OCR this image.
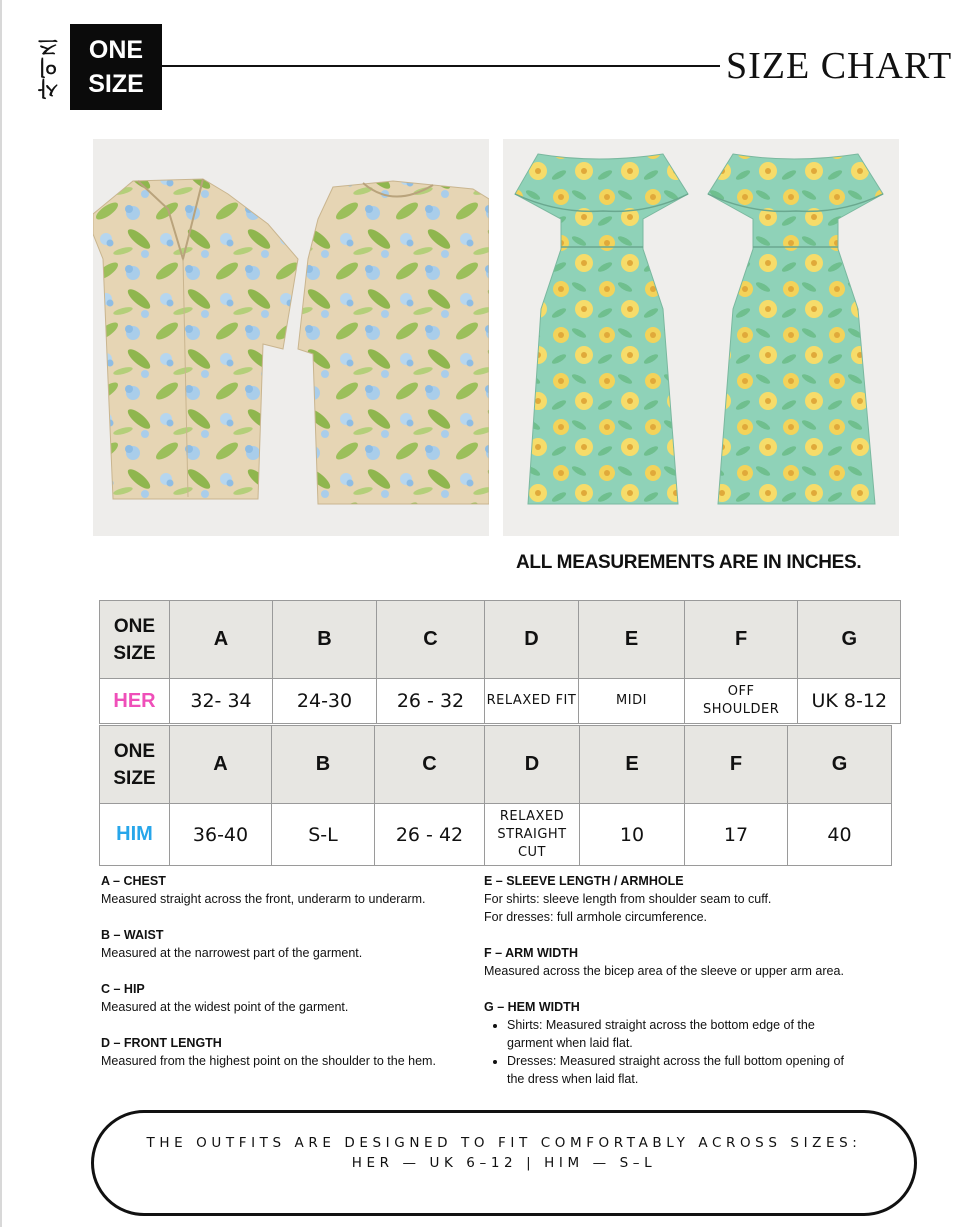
사이즈	ONE
SIZE	SIZE CHART
ALL MEASUREMENTS ARE IN INCHES.
ONE
SIZE	A	B	C	D	E	F	G
HER	32- 34	24-30	26 - 32	RELAXED FIT	MIDI	OFF SHOULDER	UK 8-12
ONE
SIZE	A	B	C	D	E	F	G
HIM	36-40	S-L	26 - 42	RELAXED STRAIGHT CUT	10	17	40
A – CHEST
Measured straight across the front, underarm to underarm.
B – WAIST
Measured at the narrowest part of the garment.
C – HIP
Measured at the widest point of the garment.
D – FRONT LENGTH
Measured from the highest point on the shoulder to the hem.
E – SLEEVE LENGTH / ARMHOLE
For shirts: sleeve length from shoulder seam to cuff.
For dresses: full armhole circumference.
F – ARM WIDTH
Measured across the bicep area of the sleeve or upper arm area.
G – HEM WIDTH
• Shirts: Measured straight across the bottom edge of the garment when laid flat.
• Dresses: Measured straight across the full bottom opening of the dress when laid flat.
THE OUTFITS ARE DESIGNED TO FIT COMFORTABLY ACROSS SIZES:
HER — UK 6–12 | HIM — S–L
